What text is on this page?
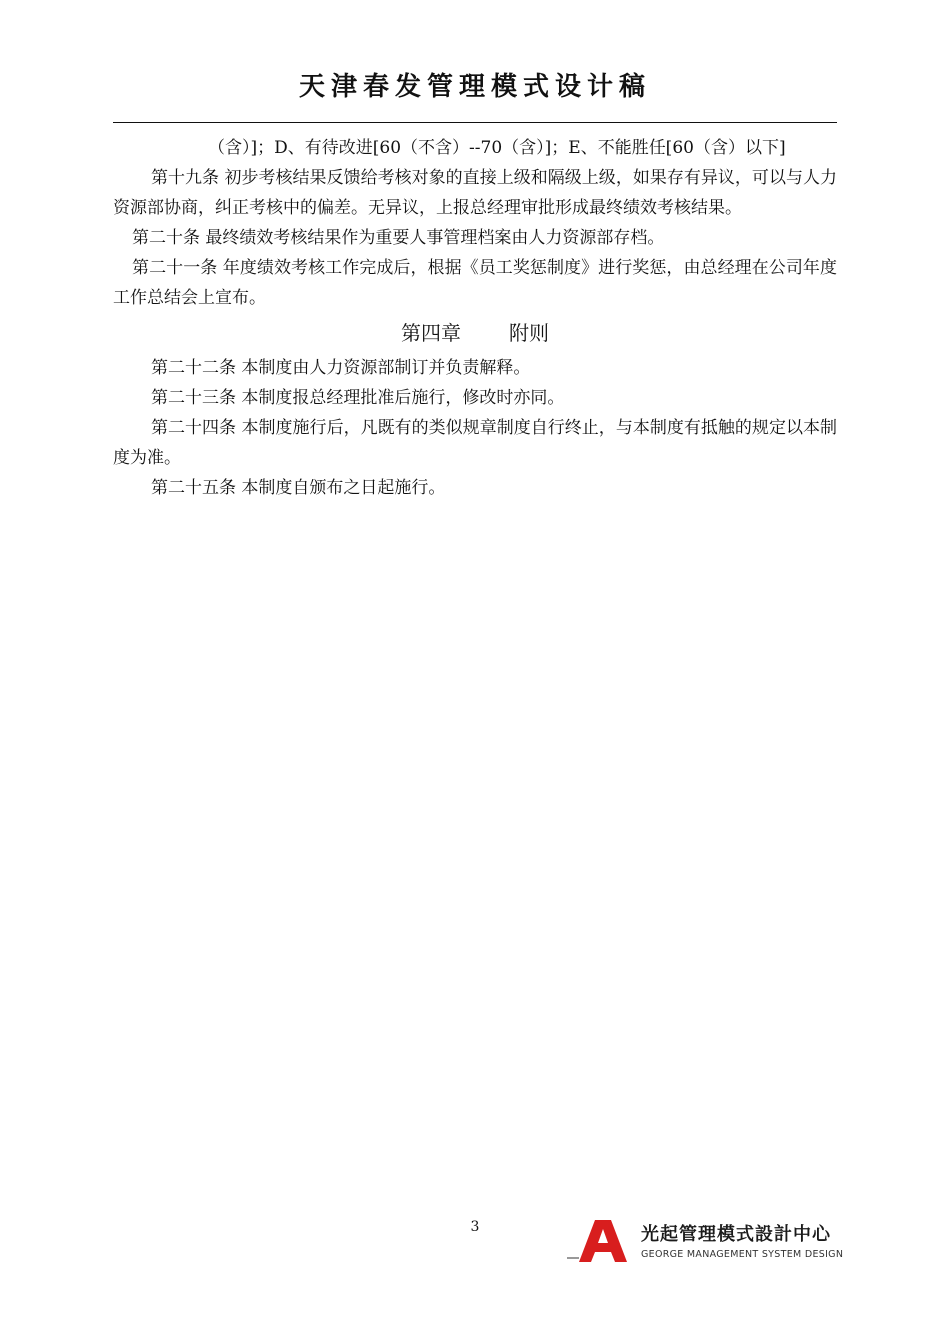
天津春发管理模式设计稿

（含）]；D、有待改进[60（不含）--70（含）]；E、不能胜任[60（含）以下]

第十九条 初步考核结果反馈给考核对象的直接上级和隔级上级，如果存有异议，可以与人力资源部协商，纠正考核中的偏差。无异议，上报总经理审批形成最终绩效考核结果。

第二十条 最终绩效考核结果作为重要人事管理档案由人力资源部存档。

第二十一条 年度绩效考核工作完成后，根据《员工奖惩制度》进行奖惩，由总经理在公司年度工作总结会上宣布。

第四章 附则

第二十二条 本制度由人力资源部制订并负责解释。

第二十三条 本制度报总经理批准后施行，修改时亦同。

第二十四条 本制度施行后，凡既有的类似规章制度自行终止，与本制度有抵触的规定以本制度为准。

第二十五条 本制度自颁布之日起施行。

3	光起管理模式設計中心
GEORGE MANAGEMENT SYSTEM DESIGN
